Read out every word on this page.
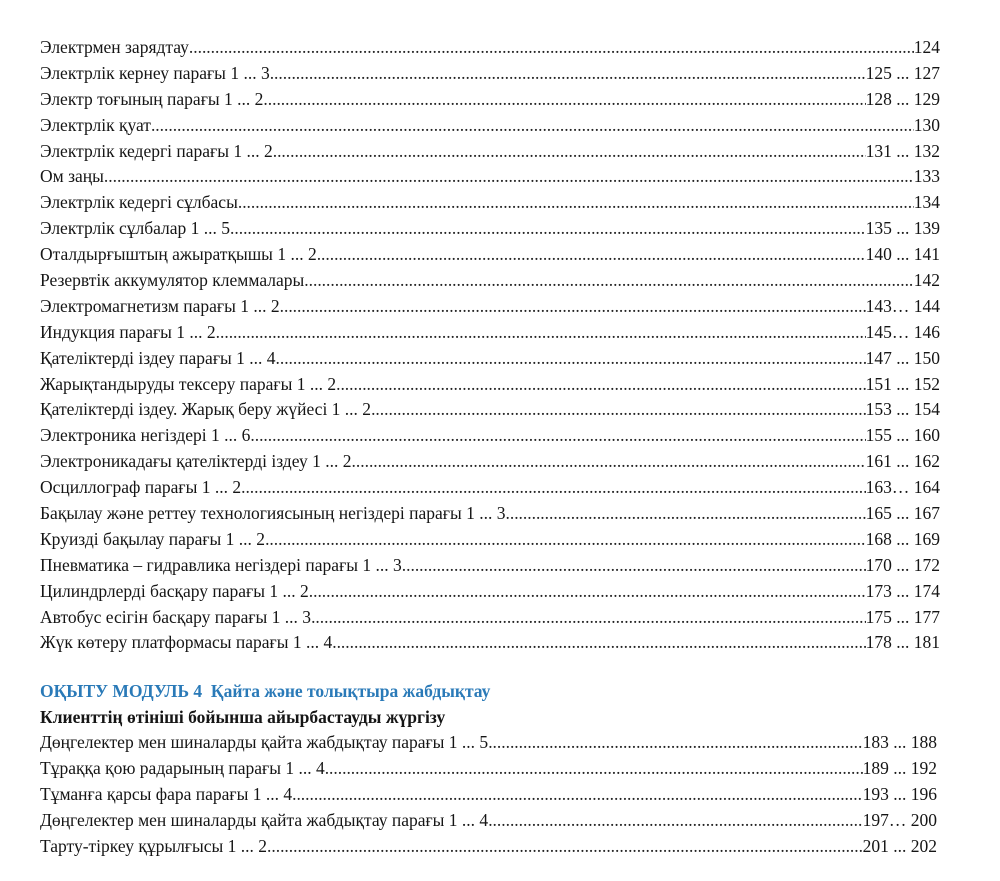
Электрмен зарядтау . . .	124
Электрлік кернеу парағы 1 ... 3 . . .	125 ... 127
Электр тоғының парағы 1 ... 2 . . .	128 ... 129
Электрлік қуат . . .	130
Электрлік кедергі парағы 1 ... 2 . . .	131 ... 132
Ом заңы . . .	133
Электрлік кедергі сұлбасы . . .	134
Электрлік сұлбалар 1 ... 5 . . .	135 ... 139
Оталдырғыштың ажыратқышы 1 ... 2 . . .	140 ... 141
Резервтік аккумулятор клеммалары . . .	142
Электромагнетизм парағы 1 ... 2 . . .	143… 144
Индукция парағы 1 ... 2 . . .	145… 146
Қателіктерді іздеу парағы 1 ... 4 . . .	147 ... 150
Жарықтандыруды тексеру парағы 1 ... 2 . . .	151 ... 152
Қателіктерді іздеу. Жарық беру жүйесі 1 ... 2 . . .	153 ... 154
Электроника негіздері 1 ... 6 . . .	155 ... 160
Электроникадағы қателіктерді іздеу 1 ... 2 . . .	161 ... 162
Осциллограф парағы 1 ... 2 . . .	163… 164
Бақылау және реттеу технологиясының негіздері парағы 1 ... 3 . . .	165 ... 167
Круизді бақылау парағы 1 ... 2 . . .	168 ... 169
Пневматика – гидравлика негіздері парағы 1 ... 3 . . .	170 ... 172
Цилиндрлерді басқару парағы 1 ... 2 . . .	173 ... 174
Автобус есігін басқару парағы 1 ... 3 . . .	175 ... 177
Жүк көтеру платформасы парағы 1 ... 4 . . .	178 ... 181
ОҚЫТУ МОДУЛЬ 4 Қайта және толықтыра жабдықтау
Клиенттің өтініші бойынша айырбастауды жүргізу
Дөңгелектер мен шиналарды қайта жабдықтау парағы 1 ... 5 . . .	183 ... 188
Тұраққа қою радарының парағы 1 ... 4 . . .	189 ... 192
Тұманға қарсы фара парағы 1 ... 4 . . .	193 ... 196
Дөңгелектер мен шиналарды қайта жабдықтау парағы 1 ... 4 . . .	197… 200
Тарту-тіркеу құрылғысы 1 ... 2 . . .	201 ... 202
